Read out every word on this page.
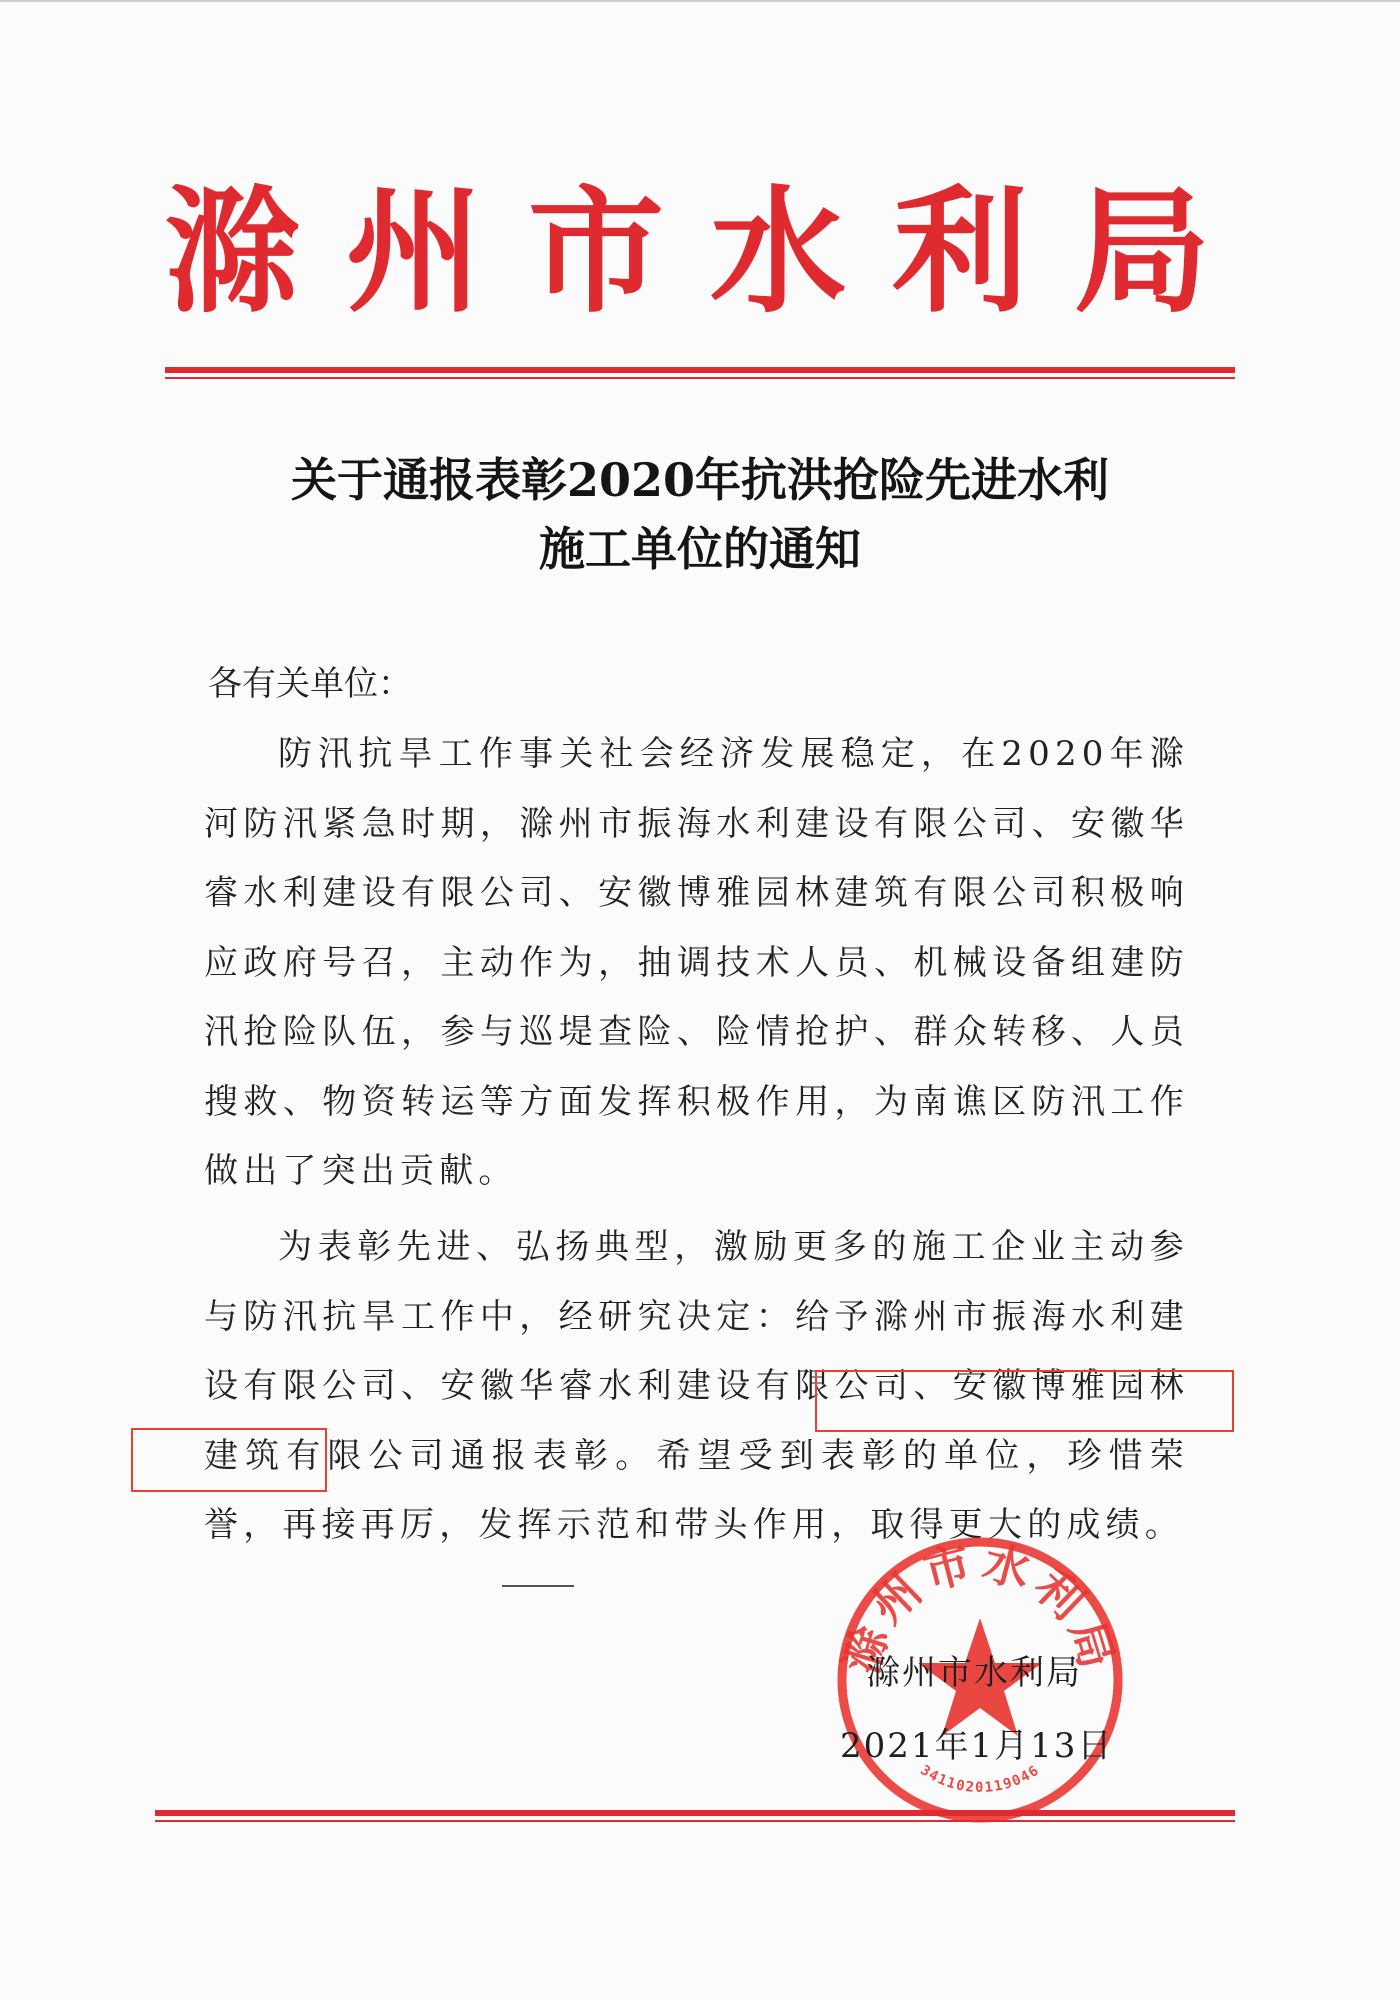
滁州市水利局
关于通报表彰2020年抗洪抢险先进水利
施工单位的通知
各有关单位：

防汛抗旱工作事关社会经济发展稳定，在2020年滁河防汛紧急时期，滁州市振海水利建设有限公司、安徽华睿水利建设有限公司、安徽博雅园林建筑有限公司积极响应政府号召，主动作为，抽调技术人员、机械设备组建防汛抢险队伍，参与巡堤查险、险情抢护、群众转移、人员搜救、物资转运等方面发挥积极作用，为南谯区防汛工作做出了突出贡献。

为表彰先进、弘扬典型，激励更多的施工企业主动参与防汛抗旱工作中，经研究决定：给予滁州市振海水利建设有限公司、安徽华睿水利建设有限公司、安徽博雅园林建筑有限公司通报表彰。希望受到表彰的单位，珍惜荣誉，再接再厉，发挥示范和带头作用，取得更大的成绩。

滁州市水利局
3411020119046
滁州市水利局
2021年1月13日
